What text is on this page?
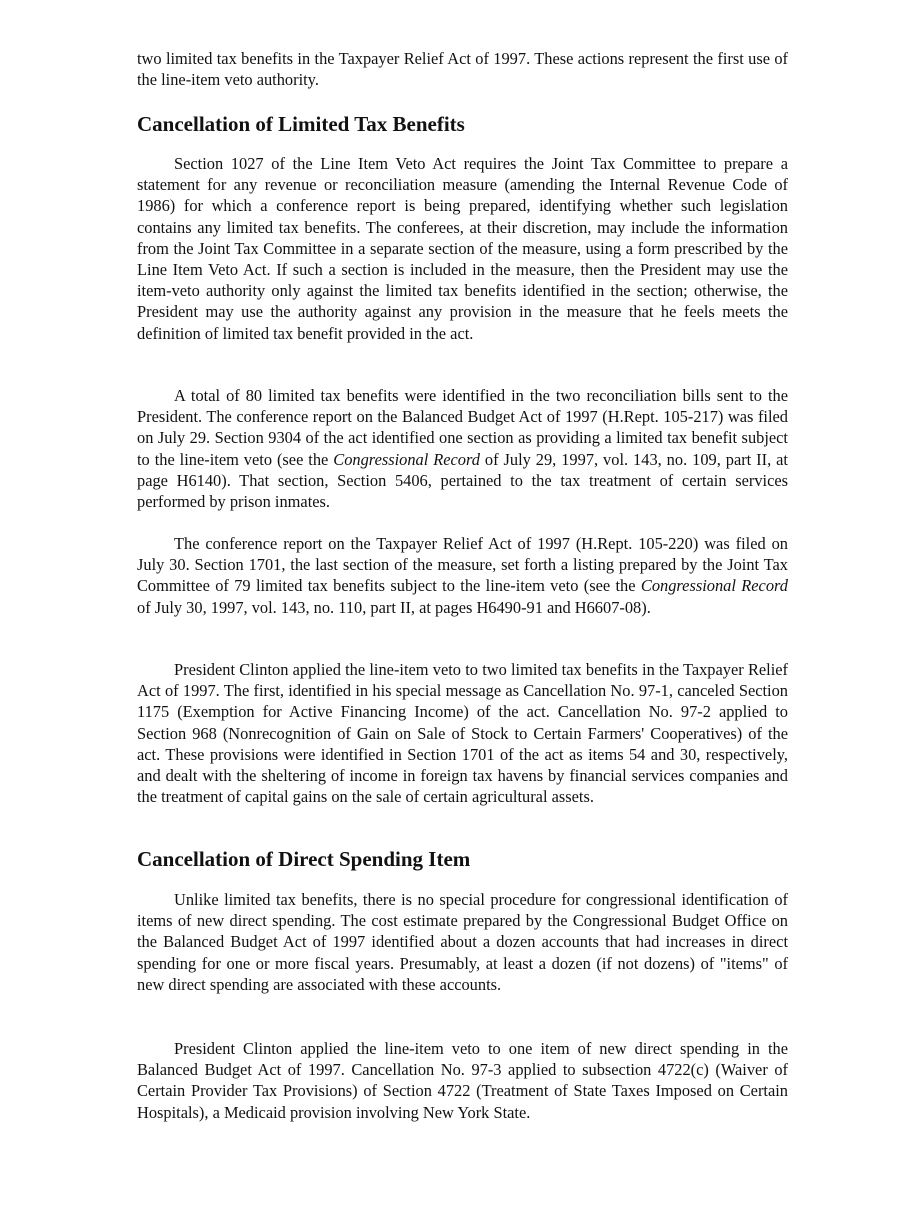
two limited tax benefits in the Taxpayer Relief Act of 1997. These actions represent the first use of the line-item veto authority.
Cancellation of Limited Tax Benefits
Section 1027 of the Line Item Veto Act requires the Joint Tax Committee to prepare a statement for any revenue or reconciliation measure (amending the Internal Revenue Code of 1986) for which a conference report is being prepared, identifying whether such legislation contains any limited tax benefits. The conferees, at their discretion, may include the information from the Joint Tax Committee in a separate section of the measure, using a form prescribed by the Line Item Veto Act. If such a section is included in the measure, then the President may use the item-veto authority only against the limited tax benefits identified in the section; otherwise, the President may use the authority against any provision in the measure that he feels meets the definition of limited tax benefit provided in the act.
A total of 80 limited tax benefits were identified in the two reconciliation bills sent to the President. The conference report on the Balanced Budget Act of 1997 (H.Rept. 105-217) was filed on July 29. Section 9304 of the act identified one section as providing a limited tax benefit subject to the line-item veto (see the Congressional Record of July 29, 1997, vol. 143, no. 109, part II, at page H6140). That section, Section 5406, pertained to the tax treatment of certain services performed by prison inmates.
The conference report on the Taxpayer Relief Act of 1997 (H.Rept. 105-220) was filed on July 30. Section 1701, the last section of the measure, set forth a listing prepared by the Joint Tax Committee of 79 limited tax benefits subject to the line-item veto (see the Congressional Record of July 30, 1997, vol. 143, no. 110, part II, at pages H6490-91 and H6607-08).
President Clinton applied the line-item veto to two limited tax benefits in the Taxpayer Relief Act of 1997. The first, identified in his special message as Cancellation No. 97-1, canceled Section 1175 (Exemption for Active Financing Income) of the act. Cancellation No. 97-2 applied to Section 968 (Nonrecognition of Gain on Sale of Stock to Certain Farmers' Cooperatives) of the act. These provisions were identified in Section 1701 of the act as items 54 and 30, respectively, and dealt with the sheltering of income in foreign tax havens by financial services companies and the treatment of capital gains on the sale of certain agricultural assets.
Cancellation of Direct Spending Item
Unlike limited tax benefits, there is no special procedure for congressional identification of items of new direct spending. The cost estimate prepared by the Congressional Budget Office on the Balanced Budget Act of 1997 identified about a dozen accounts that had increases in direct spending for one or more fiscal years. Presumably, at least a dozen (if not dozens) of "items" of new direct spending are associated with these accounts.
President Clinton applied the line-item veto to one item of new direct spending in the Balanced Budget Act of 1997. Cancellation No. 97-3 applied to subsection 4722(c) (Waiver of Certain Provider Tax Provisions) of Section 4722 (Treatment of State Taxes Imposed on Certain Hospitals), a Medicaid provision involving New York State.
